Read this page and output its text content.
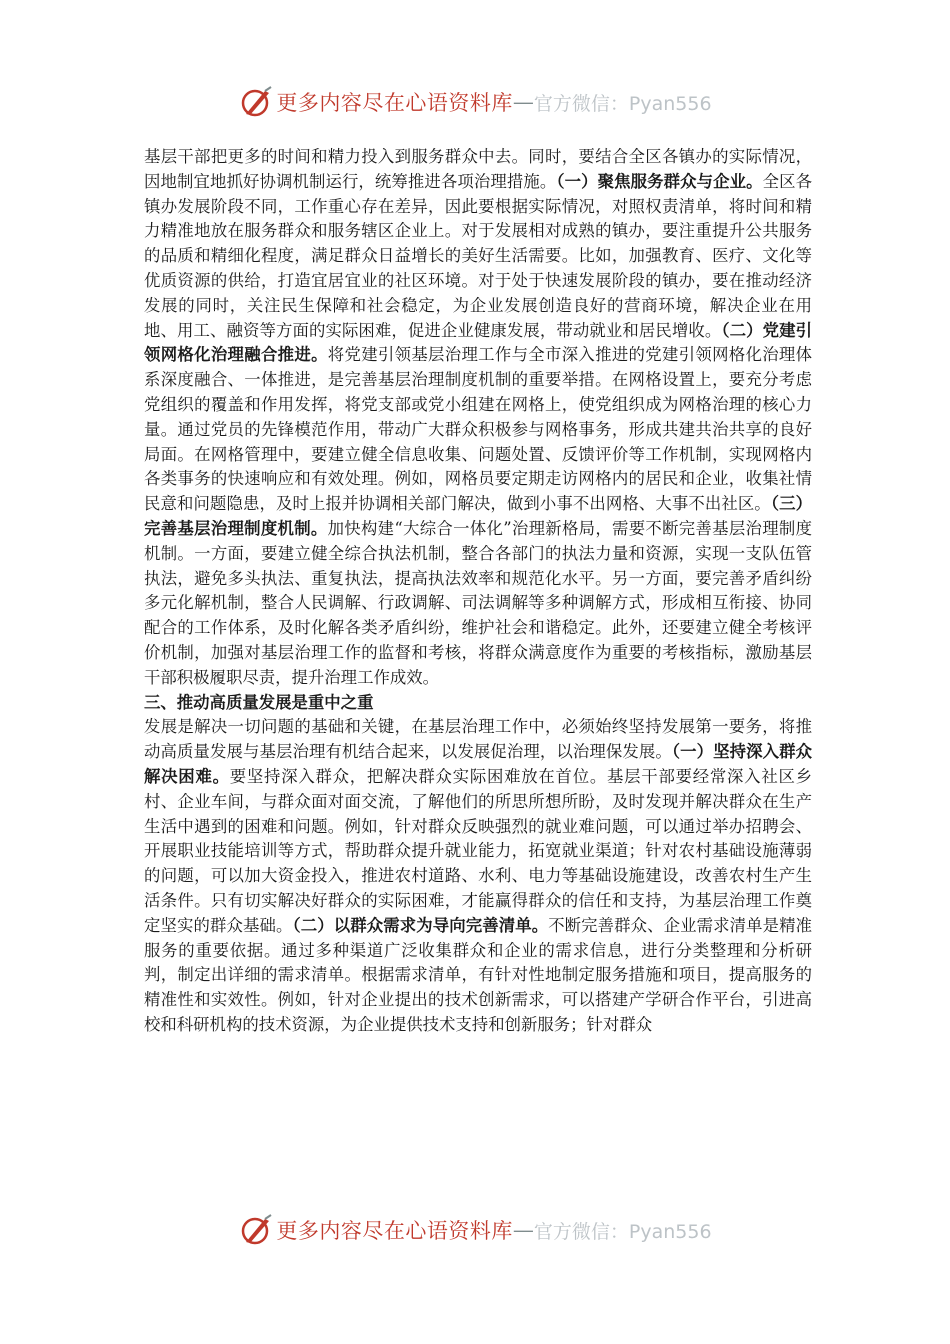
更多内容尽在心语资料库 — 官方微信：Pyan556

基层干部把更多的时间和精力投入到服务群众中去。同时，要结合全区各镇办的实际情况，因地制宜地抓好协调机制运行，统筹推进各项治理措施。（一）聚焦服务群众与企业。全区各镇办发展阶段不同，工作重心存在差异，因此要根据实际情况，对照权责清单，将时间和精力精准地放在服务群众和服务辖区企业上。对于发展相对成熟的镇办，要注重提升公共服务的品质和精细化程度，满足群众日益增长的美好生活需要。比如，加强教育、医疗、文化等优质资源的供给，打造宜居宜业的社区环境。对于处于快速发展阶段的镇办，要在推动经济发展的同时，关注民生保障和社会稳定，为企业发展创造良好的营商环境，解决企业在用地、用工、融资等方面的实际困难，促进企业健康发展，带动就业和居民增收。（二）党建引领网格化治理融合推进。将党建引领基层治理工作与全市深入推进的党建引领网格化治理体系深度融合、一体推进，是完善基层治理制度机制的重要举措。在网格设置上，要充分考虑党组织的覆盖和作用发挥，将党支部或党小组建在网格上，使党组织成为网格治理的核心力量。通过党员的先锋模范作用，带动广大群众积极参与网格事务，形成共建共治共享的良好局面。在网格管理中，要建立健全信息收集、问题处置、反馈评价等工作机制，实现网格内各类事务的快速响应和有效处理。例如，网格员要定期走访网格内的居民和企业，收集社情民意和问题隐患，及时上报并协调相关部门解决，做到小事不出网格、大事不出社区。（三）完善基层治理制度机制。加快构建“大综合一体化”治理新格局，需要不断完善基层治理制度机制。一方面，要建立健全综合执法机制，整合各部门的执法力量和资源，实现一支队伍管执法，避免多头执法、重复执法，提高执法效率和规范化水平。另一方面，要完善矛盾纠纷多元化解机制，整合人民调解、行政调解、司法调解等多种调解方式，形成相互衔接、协同配合的工作体系，及时化解各类矛盾纠纷，维护社会和谐稳定。此外，还要建立健全考核评价机制，加强对基层治理工作的监督和考核，将群众满意度作为重要的考核指标，激励基层干部积极履职尽责，提升治理工作成效。

三、推动高质量发展是重中之重

发展是解决一切问题的基础和关键，在基层治理工作中，必须始终坚持发展第一要务，将推动高质量发展与基层治理有机结合起来，以发展促治理，以治理保发展。（一）坚持深入群众解决困难。要坚持深入群众，把解决群众实际困难放在首位。基层干部要经常深入社区乡村、企业车间，与群众面对面交流，了解他们的所思所想所盼，及时发现并解决群众在生产生活中遇到的困难和问题。例如，针对群众反映强烈的就业难问题，可以通过举办招聘会、开展职业技能培训等方式，帮助群众提升就业能力，拓宽就业渠道；针对农村基础设施薄弱的问题，可以加大资金投入，推进农村道路、水利、电力等基础设施建设，改善农村生产生活条件。只有切实解决好群众的实际困难，才能赢得群众的信任和支持，为基层治理工作奠定坚实的群众基础。（二）以群众需求为导向完善清单。不断完善群众、企业需求清单是精准服务的重要依据。通过多种渠道广泛收集群众和企业的需求信息，进行分类整理和分析研判，制定出详细的需求清单。根据需求清单，有针对性地制定服务措施和项目，提高服务的精准性和实效性。例如，针对企业提出的技术创新需求，可以搭建产学研合作平台，引进高校和科研机构的技术资源，为企业提供技术支持和创新服务；针对群众

更多内容尽在心语资料库 — 官方微信：Pyan556
